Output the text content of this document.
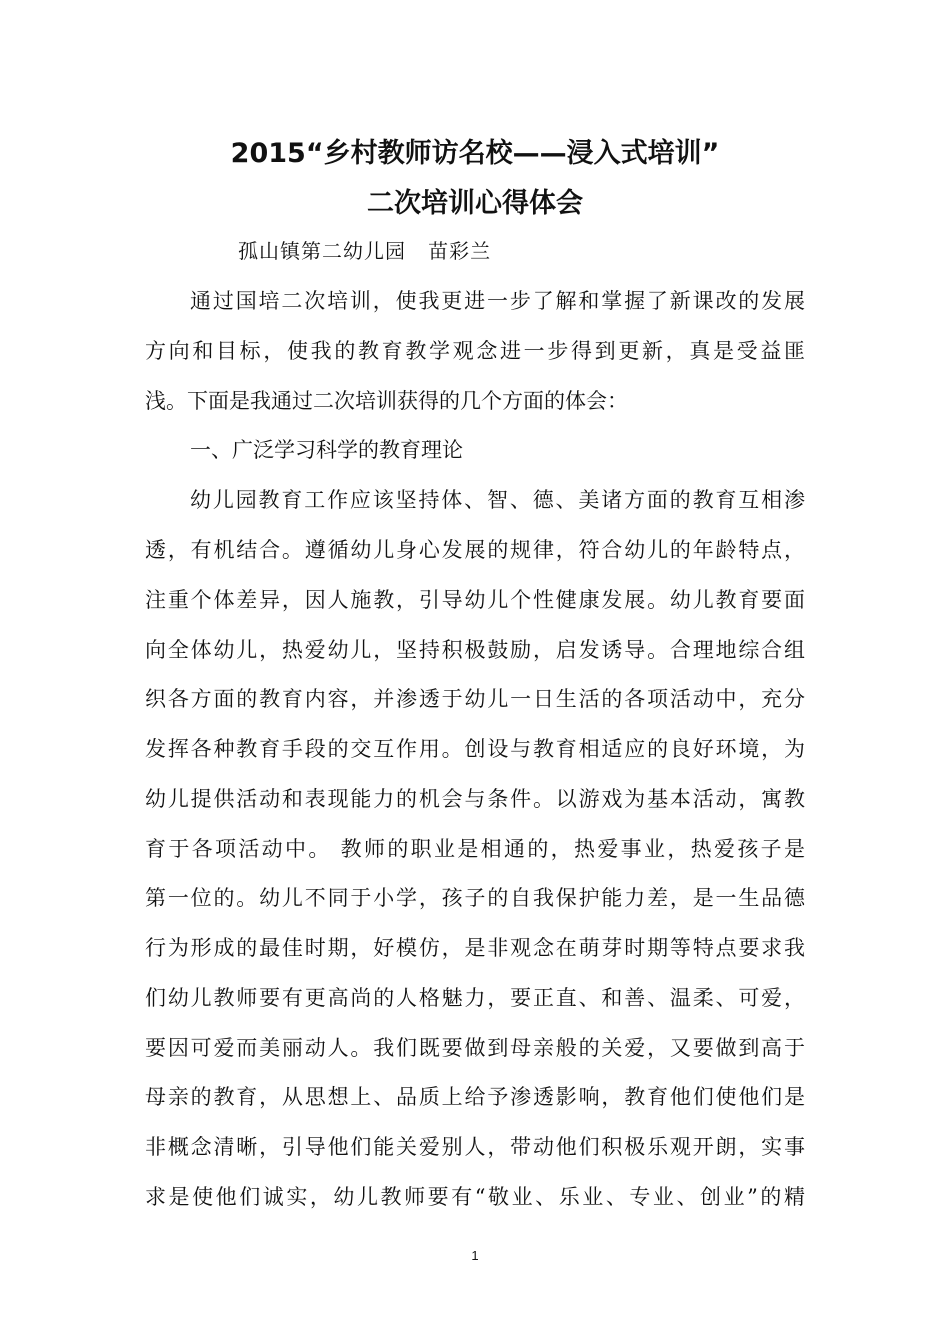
2015“乡村教师访名校——浸入式培训”
二次培训心得体会
孤山镇第二幼儿园   苗彩兰
通过国培二次培训，使我更进一步了解和掌握了新课改的发展
方向和目标，使我的教育教学观念进一步得到更新，真是受益匪
浅。下面是我通过二次培训获得的几个方面的体会：
一、广泛学习科学的教育理论
幼儿园教育工作应该坚持体、智、德、美诸方面的教育互相渗
透，有机结合。遵循幼儿身心发展的规律，符合幼儿的年龄特点，
注重个体差异，因人施教，引导幼儿个性健康发展。幼儿教育要面
向全体幼儿，热爱幼儿，坚持积极鼓励，启发诱导。合理地综合组
织各方面的教育内容，并渗透于幼儿一日生活的各项活动中，充分
发挥各种教育手段的交互作用。创设与教育相适应的良好环境，为
幼儿提供活动和表现能力的机会与条件。以游戏为基本活动，寓教
育于各项活动中。 教师的职业是相通的，热爱事业，热爱孩子是
第一位的。幼儿不同于小学，孩子的自我保护能力差，是一生品德
行为形成的最佳时期，好模仿，是非观念在萌芽时期等特点要求我
们幼儿教师要有更高尚的人格魅力，要正直、和善、温柔、可爱，
要因可爱而美丽动人。我们既要做到母亲般的关爱，又要做到高于
母亲的教育，从思想上、品质上给予渗透影响，教育他们使他们是
非概念清晰，引导他们能关爱别人，带动他们积极乐观开朗，实事
求是使他们诚实，幼儿教师要有“敬业、乐业、专业、创业”的精
1
